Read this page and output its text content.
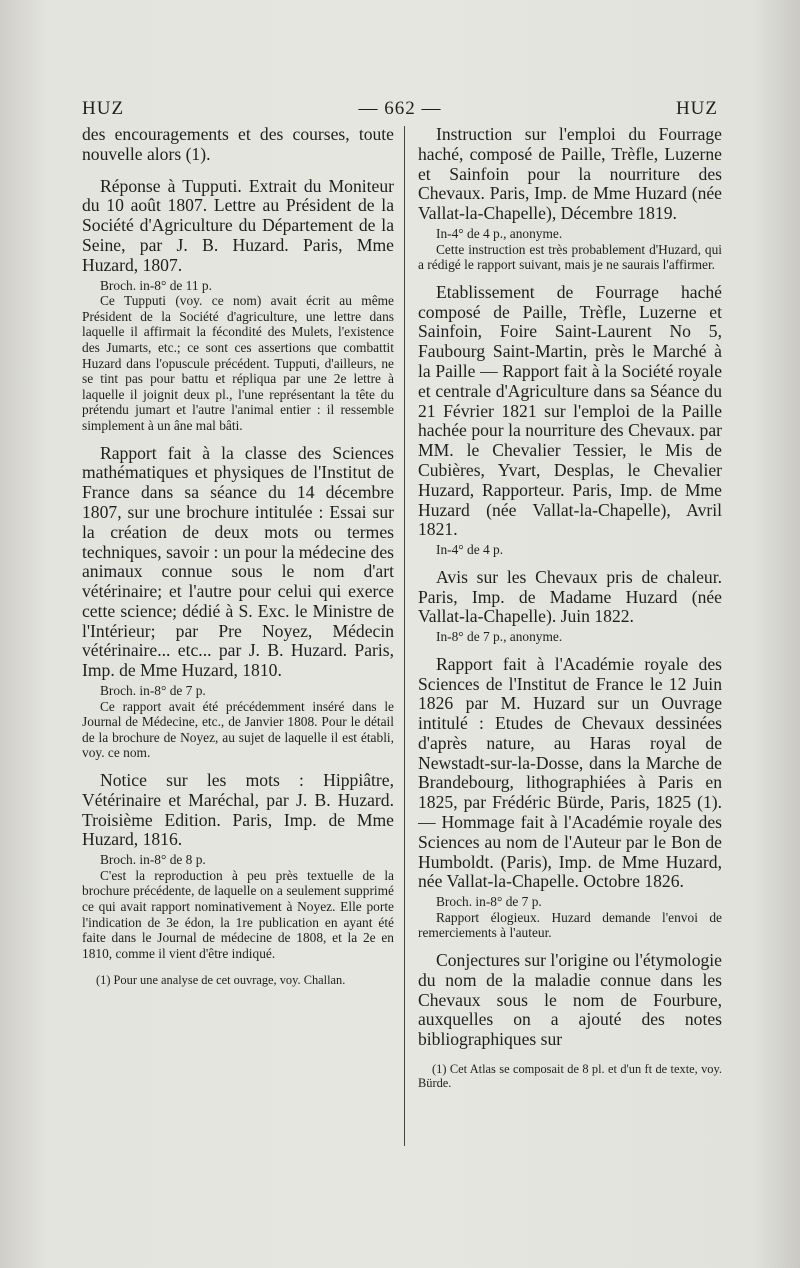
HUZ	— 662 —	HUZ

des encouragements et des courses, toute nouvelle alors (1).

Réponse à Tupputi. Extrait du Moniteur du 10 août 1807. Lettre au Président de la Société d'Agriculture du Département de la Seine, par J. B. Huzard. Paris, Mme Huzard, 1807.

Broch. in-8° de 11 p.

Ce Tupputi (voy. ce nom) avait écrit au même Président de la Société d'agriculture, une lettre dans laquelle il affirmait la fécondité des Mulets, l'existence des Jumarts, etc.; ce sont ces assertions que combattit Huzard dans l'opuscule précédent. Tupputi, d'ailleurs, ne se tint pas pour battu et répliqua par une 2e lettre à laquelle il joignit deux pl., l'une représentant la tête du prétendu jumart et l'autre l'animal entier : il ressemble simplement à un âne mal bâti.

Rapport fait à la classe des Sciences mathématiques et physiques de l'Institut de France dans sa séance du 14 décembre 1807, sur une brochure intitulée : Essai sur la création de deux mots ou termes techniques, savoir : un pour la médecine des animaux connue sous le nom d'art vétérinaire; et l'autre pour celui qui exerce cette science; dédié à S. Exc. le Ministre de l'Intérieur; par Pre Noyez, Médecin vétérinaire... etc... par J. B. Huzard. Paris, Imp. de Mme Huzard, 1810.

Broch. in-8° de 7 p.

Ce rapport avait été précédemment inséré dans le Journal de Médecine, etc., de Janvier 1808. Pour le détail de la brochure de Noyez, au sujet de laquelle il est établi, voy. ce nom.

Notice sur les mots : Hippiâtre, Vétérinaire et Maréchal, par J. B. Huzard. Troisième Edition. Paris, Imp. de Mme Huzard, 1816.

Broch. in-8° de 8 p.

C'est la reproduction à peu près textuelle de la brochure précédente, de laquelle on a seulement supprimé ce qui avait rapport nominativement à Noyez. Elle porte l'indication de 3e édon, la 1re publication en ayant été faite dans le Journal de médecine de 1808, et la 2e en 1810, comme il vient d'être indiqué.

(1) Pour une analyse de cet ouvrage, voy. Challan.

Instruction sur l'emploi du Fourrage haché, composé de Paille, Trèfle, Luzerne et Sainfoin pour la nourriture des Chevaux. Paris, Imp. de Mme Huzard (née Vallat-la-Chapelle), Décembre 1819.

In-4° de 4 p., anonyme.

Cette instruction est très probablement d'Huzard, qui a rédigé le rapport suivant, mais je ne saurais l'affirmer.

Etablissement de Fourrage haché composé de Paille, Trèfle, Luzerne et Sainfoin, Foire Saint-Laurent No 5, Faubourg Saint-Martin, près le Marché à la Paille — Rapport fait à la Société royale et centrale d'Agriculture dans sa Séance du 21 Février 1821 sur l'emploi de la Paille hachée pour la nourriture des Chevaux. par MM. le Chevalier Tessier, le Mis de Cubières, Yvart, Desplas, le Chevalier Huzard, Rapporteur. Paris, Imp. de Mme Huzard (née Vallat-la-Chapelle), Avril 1821.

In-4° de 4 p.

Avis sur les Chevaux pris de chaleur. Paris, Imp. de Madame Huzard (née Vallat-la-Chapelle). Juin 1822.

In-8° de 7 p., anonyme.

Rapport fait à l'Académie royale des Sciences de l'Institut de France le 12 Juin 1826 par M. Huzard sur un Ouvrage intitulé : Etudes de Chevaux dessinées d'après nature, au Haras royal de Newstadt-sur-la-Dosse, dans la Marche de Brandebourg, lithographiées à Paris en 1825, par Frédéric Bürde, Paris, 1825 (1). — Hommage fait à l'Académie royale des Sciences au nom de l'Auteur par le Bon de Humboldt. (Paris), Imp. de Mme Huzard, née Vallat-la-Chapelle. Octobre 1826.

Broch. in-8° de 7 p.

Rapport élogieux. Huzard demande l'envoi de remerciements à l'auteur.

Conjectures sur l'origine ou l'étymologie du nom de la maladie connue dans les Chevaux sous le nom de Fourbure, auxquelles on a ajouté des notes bibliographiques sur

(1) Cet Atlas se composait de 8 pl. et d'un ft de texte, voy. Bürde.
